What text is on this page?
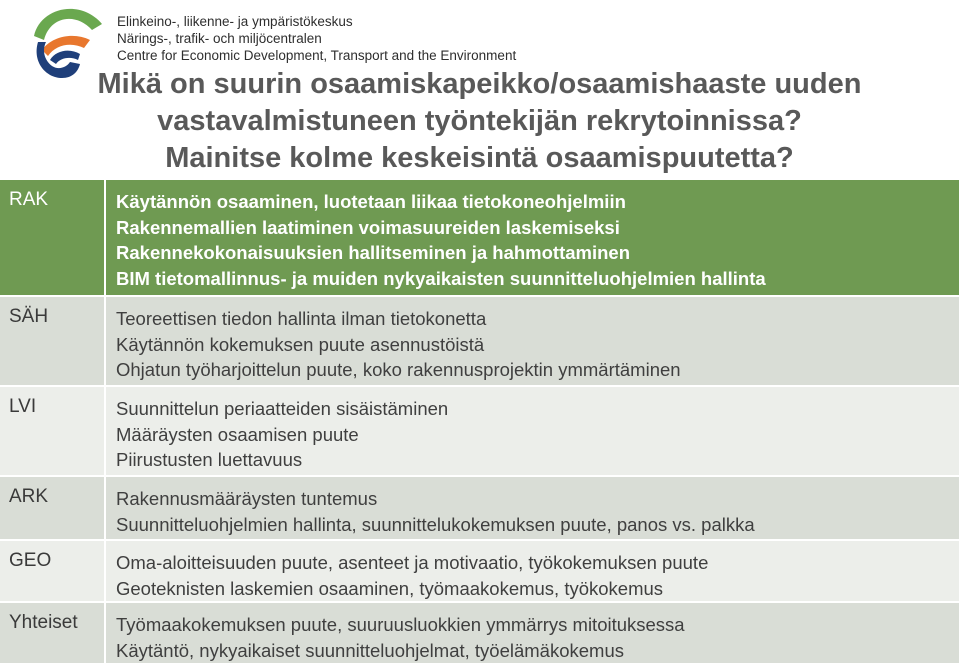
Elinkeino-, liikenne- ja ympäristökeskus
Närings-, trafik- och miljöcentralen
Centre for Economic Development, Transport and the Environment
Mikä on suurin osaamiskapeikko/osaamishaaste uuden
vastavalmistuneen työntekijän rekrytoinnissa?
Mainitse kolme keskeisintä osaamispuutetta?
RAK	Käytännön osaaminen, luotetaan liikaa tietokoneohjelmiin
Rakennemallien laatiminen voimasuureiden laskemiseksi
Rakennekokonaisuuksien hallitseminen ja hahmottaminen
BIM tietomallinnus- ja muiden nykyaikaisten suunnitteluohjelmien hallinta
SÄH	Teoreettisen tiedon hallinta ilman tietokonetta
Käytännön kokemuksen puute asennustöistä
Ohjatun työharjoittelun puute, koko rakennusprojektin ymmärtäminen
LVI	Suunnittelun periaatteiden sisäistäminen
Määräysten osaamisen puute
Piirustusten luettavuus
ARK	Rakennusmääräysten tuntemus
Suunnitteluohjelmien hallinta, suunnittelukokemuksen puute, panos vs. palkka
GEO	Oma-aloitteisuuden puute, asenteet ja motivaatio, työkokemuksen puute
Geoteknisten laskemien osaaminen, työmaakokemus, työkokemus
Yhteiset	Työmaakokemuksen puute, suuruusluokkien ymmärrys mitoituksessa
Käytäntö, nykyaikaiset suunnitteluohjelmat, työelämäkokemus
